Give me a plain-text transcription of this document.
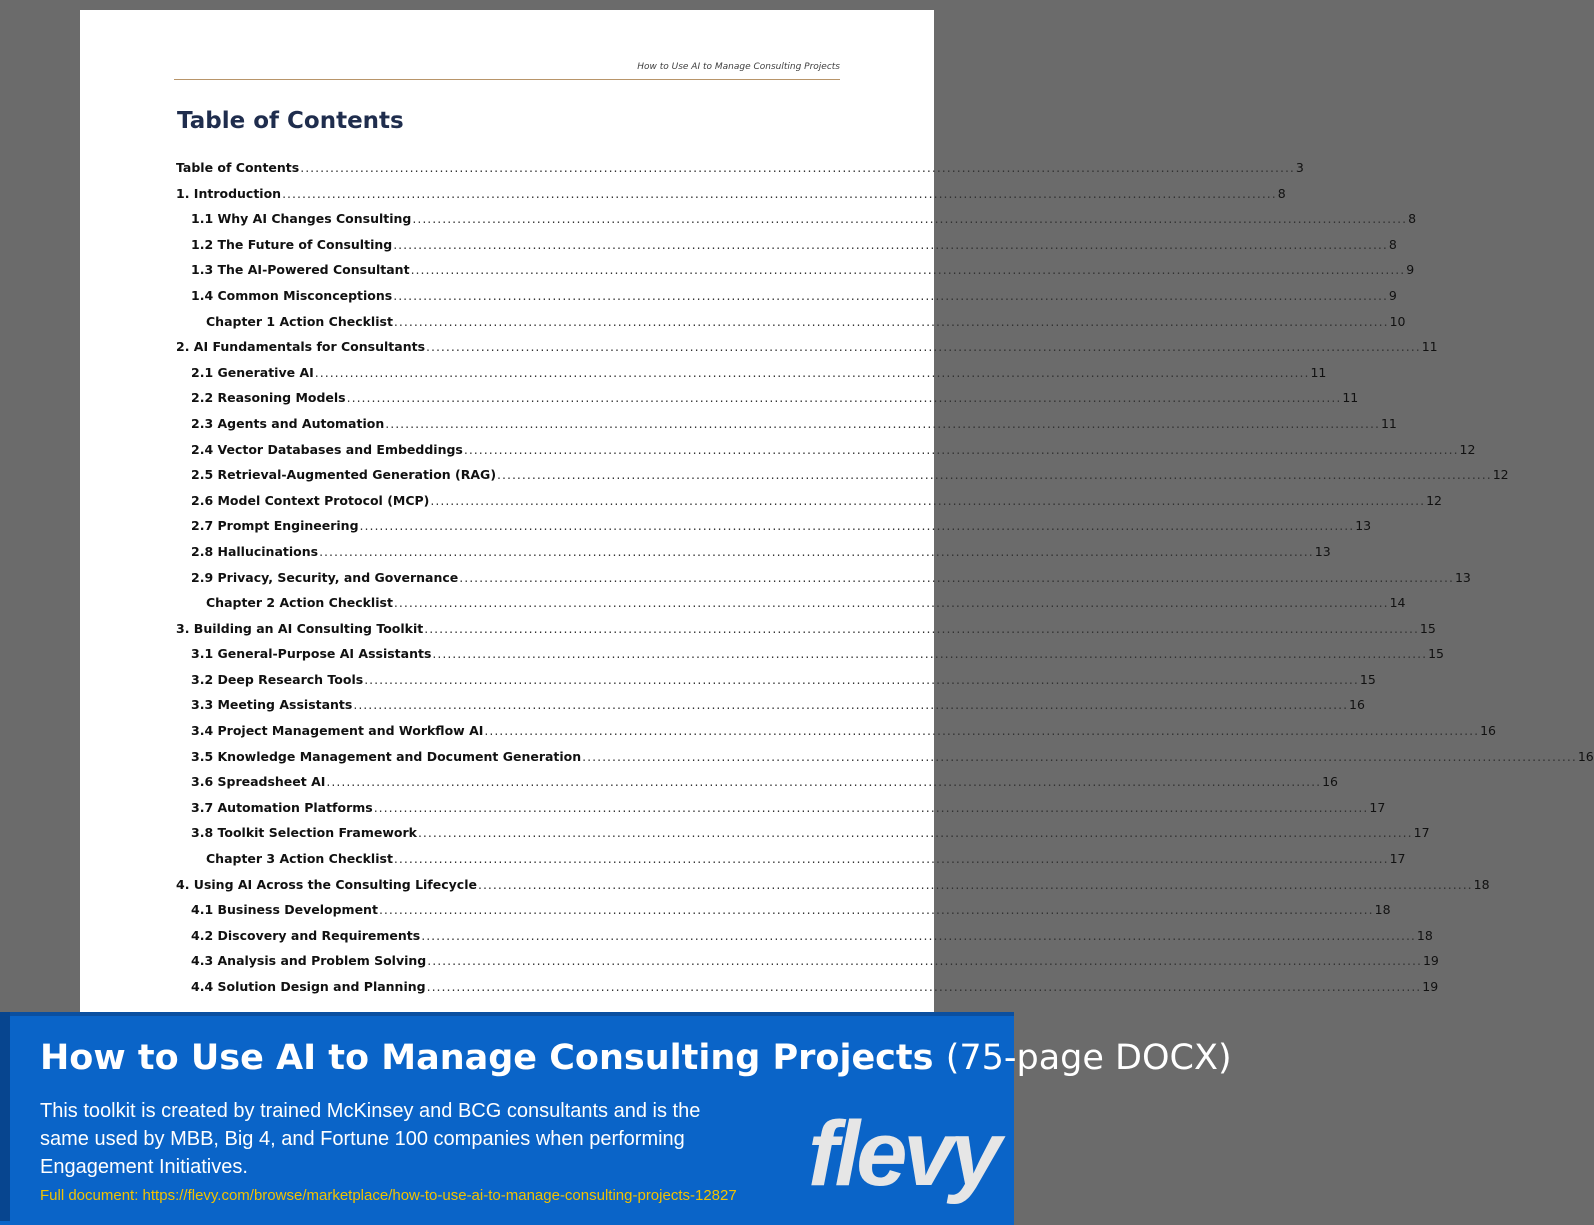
How to Use AI to Manage Consulting Projects
Table of Contents
Table of Contents .....	3
1. Introduction .....	8
1.1 Why AI Changes Consulting .....	8
1.2 The Future of Consulting .....	8
1.3 The AI-Powered Consultant .....	9
1.4 Common Misconceptions .....	9
Chapter 1 Action Checklist .....	10
2. AI Fundamentals for Consultants .....	11
2.1 Generative AI .....	11
2.2 Reasoning Models .....	11
2.3 Agents and Automation .....	11
2.4 Vector Databases and Embeddings .....	12
2.5 Retrieval-Augmented Generation (RAG) .....	12
2.6 Model Context Protocol (MCP) .....	12
2.7 Prompt Engineering .....	13
2.8 Hallucinations .....	13
2.9 Privacy, Security, and Governance .....	13
Chapter 2 Action Checklist .....	14
3. Building an AI Consulting Toolkit .....	15
3.1 General-Purpose AI Assistants .....	15
3.2 Deep Research Tools .....	15
3.3 Meeting Assistants .....	16
3.4 Project Management and Workflow AI .....	16
3.5 Knowledge Management and Document Generation .....	16
3.6 Spreadsheet AI .....	16
3.7 Automation Platforms .....	17
3.8 Toolkit Selection Framework .....	17
Chapter 3 Action Checklist .....	17
4. Using AI Across the Consulting Lifecycle .....	18
4.1 Business Development .....	18
4.2 Discovery and Requirements .....	18
4.3 Analysis and Problem Solving .....	19
4.4 Solution Design and Planning .....	19
How to Use AI to Manage Consulting Projects (75-page DOCX)
This toolkit is created by trained McKinsey and BCG consultants and is the same used by MBB, Big 4, and Fortune 100 companies when performing Engagement Initiatives.
Full document: https://flevy.com/browse/marketplace/how-to-use-ai-to-manage-consulting-projects-12827 flevy
